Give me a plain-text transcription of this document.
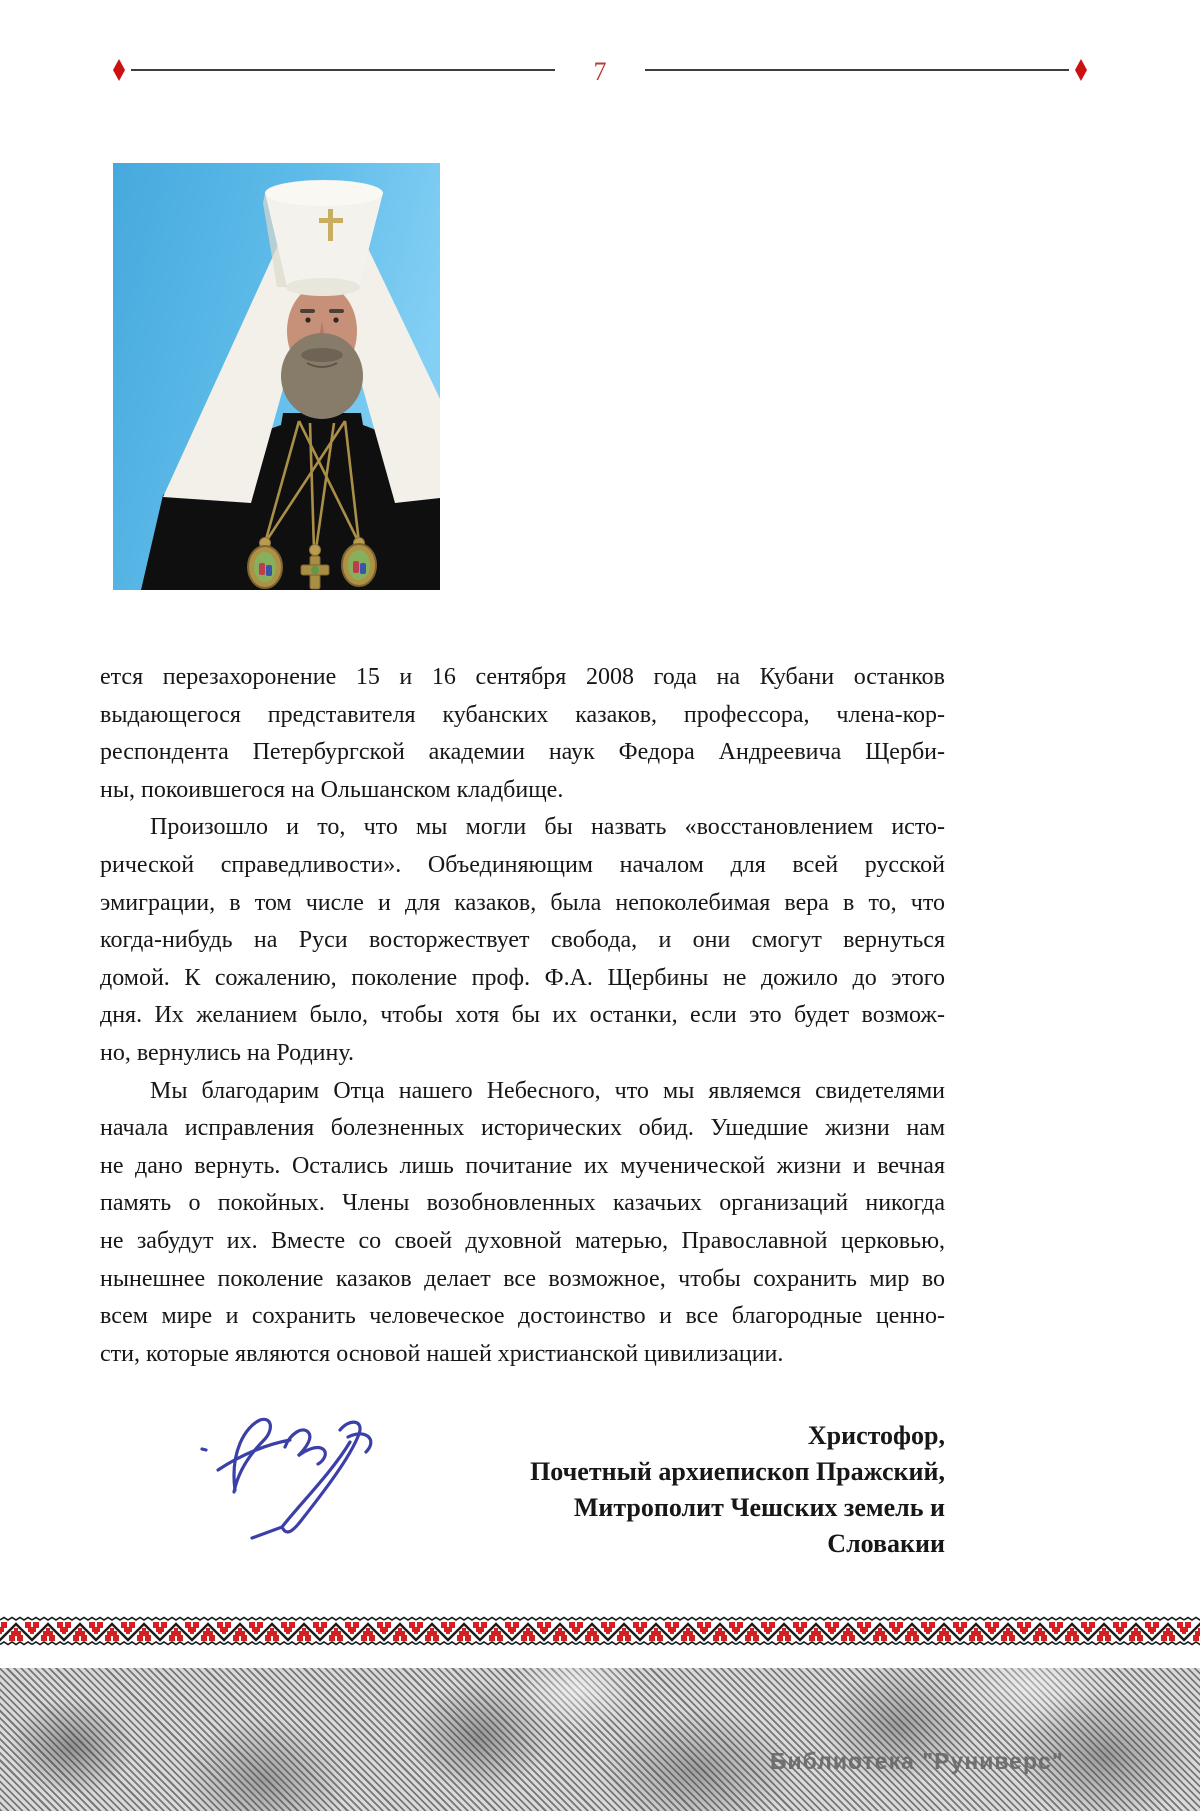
7
ется перезахоронение 15 и 16 сентября 2008 года на Кубани останков
выдающегося представителя кубанских казаков, профессора, члена-кор-
респондента Петербургской академии наук Федора Андреевича Щерби-
ны, покоившегося на Ольшанском кладбище.
Произошло и то, что мы могли бы назвать «восстановлением исто-
рической справедливости». Объединяющим началом для всей русской
эмиграции, в том числе и для казаков, была непоколебимая вера в то, что
когда-нибудь на Руси восторжествует свобода, и они смогут вернуться
домой. К сожалению, поколение проф. Ф.А. Щербины не дожило до этого
дня. Их желанием было, чтобы хотя бы их останки, если это будет возмож-
но, вернулись на Родину.
Мы благодарим Отца нашего Небесного, что мы являемся свидетелями
начала исправления болезненных исторических обид. Ушедшие жизни нам
не дано вернуть. Остались лишь почитание их мученической жизни и вечная
память о покойных. Члены возобновленных казачьих организаций никогда
не забудут их. Вместе со своей духовной матерью, Православной церковью,
нынешнее поколение казаков делает все возможное, чтобы сохранить мир во
всем мире и сохранить человеческое достоинство и все благородные ценно-
сти, которые являются основой нашей христианской цивилизации.
Христофор,
Почетный архиепископ Пражский,
Митрополит Чешских земель и Словакии
Библиотека "Руниверс"
